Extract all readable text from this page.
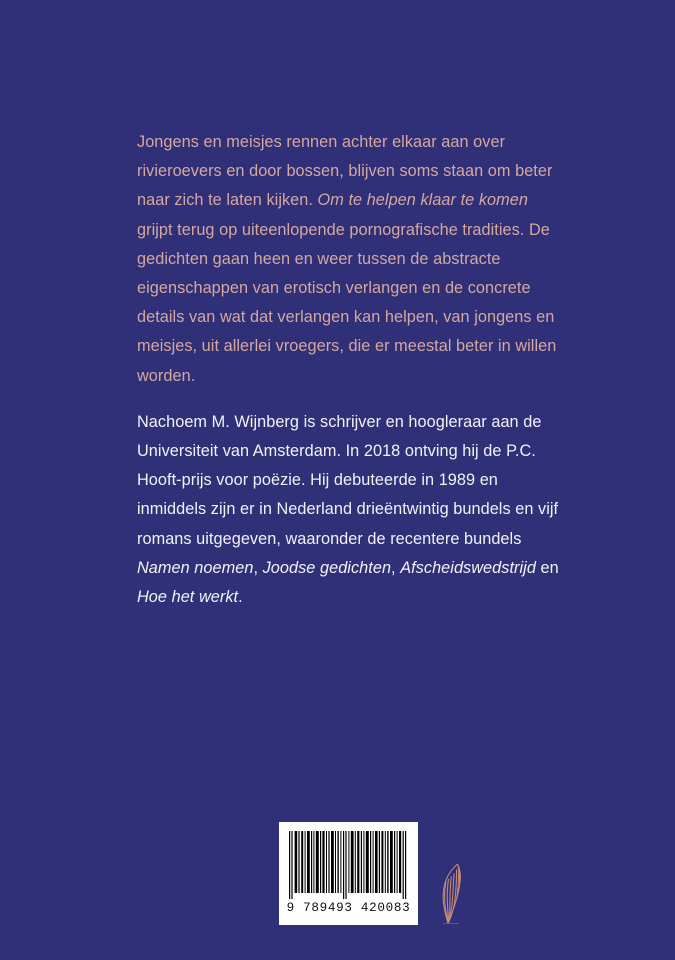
Jongens en meisjes rennen achter elkaar aan over rivieroevers en door bossen, blijven soms staan om beter naar zich te laten kijken. Om te helpen klaar te komen grijpt terug op uiteenlopende pornografische tradities. De gedichten gaan heen en weer tussen de abstracte eigenschappen van erotisch verlangen en de concrete details van wat dat verlangen kan helpen, van jongens en meisjes, uit allerlei vroegers, die er meestal beter in willen worden.

Nachoem M. Wijnberg is schrijver en hoogleraar aan de Universiteit van Amsterdam. In 2018 ontving hij de P.C. Hooft-prijs voor poëzie. Hij debuteerde in 1989 en inmiddels zijn er in Nederland drieëntwintig bundels en vijf romans uitgegeven, waaronder de recentere bundels Namen noemen, Joodse gedichten, Afscheidswedstrijd en Hoe het werkt.

9 789493 420083
